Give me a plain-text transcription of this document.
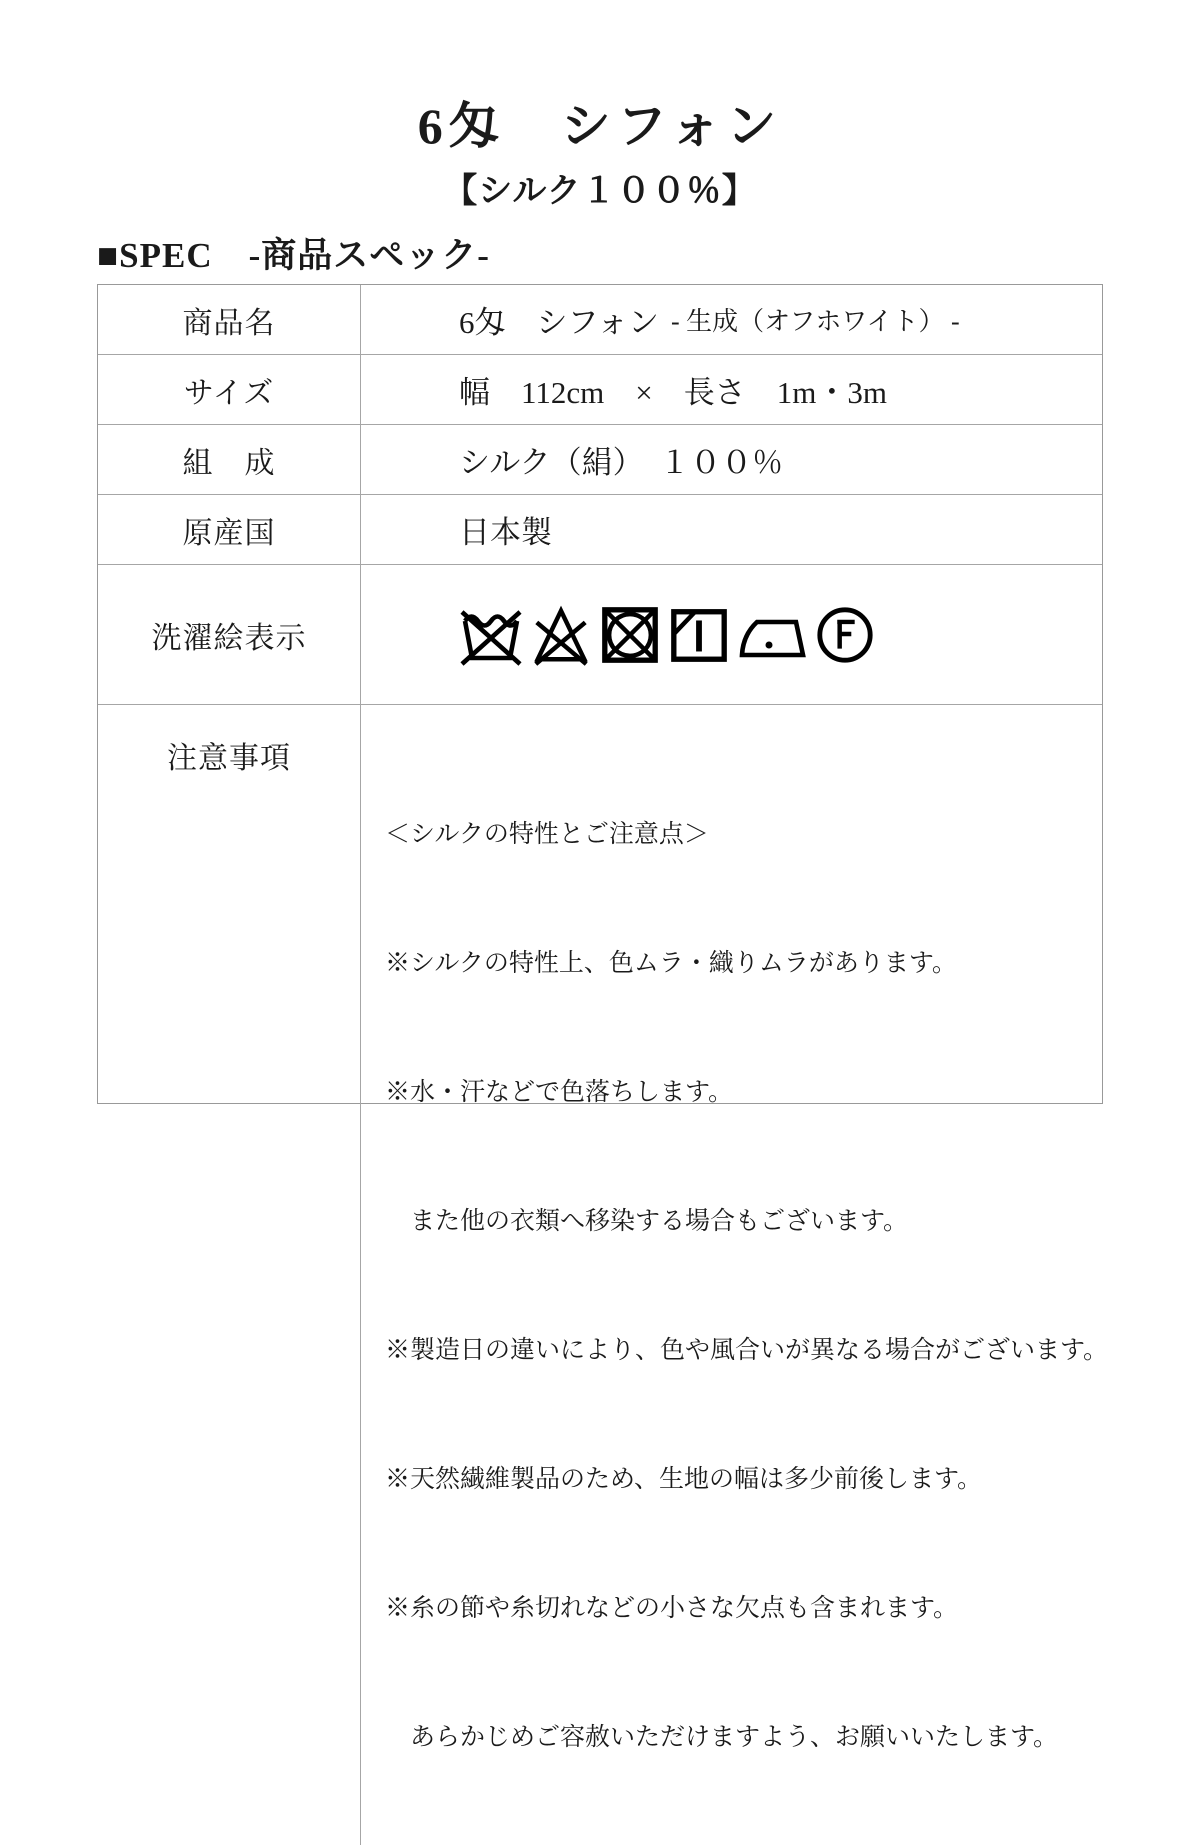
6匁　シフォン
【シルク１００％】
■SPEC　-商品スペック-
商品名	6匁　シフォン - 生成（オフホワイト） -
サイズ	幅　112cm　×　長さ　1m・3m
組　成	シルク（絹）　１００％
原産国	日本製
洗濯絵表示
注意事項

＜シルクの特性とご注意点＞

※シルクの特性上、色ムラ・織りムラがあります。

※水・汗などで色落ちします。

　また他の衣類へ移染する場合もございます。

※製造日の違いにより、色や風合いが異なる場合がございます。

※天然繊維製品のため、生地の幅は多少前後します。

※糸の節や糸切れなどの小さな欠点も含まれます。

　あらかじめご容赦いただけますよう、お願いいたします。
